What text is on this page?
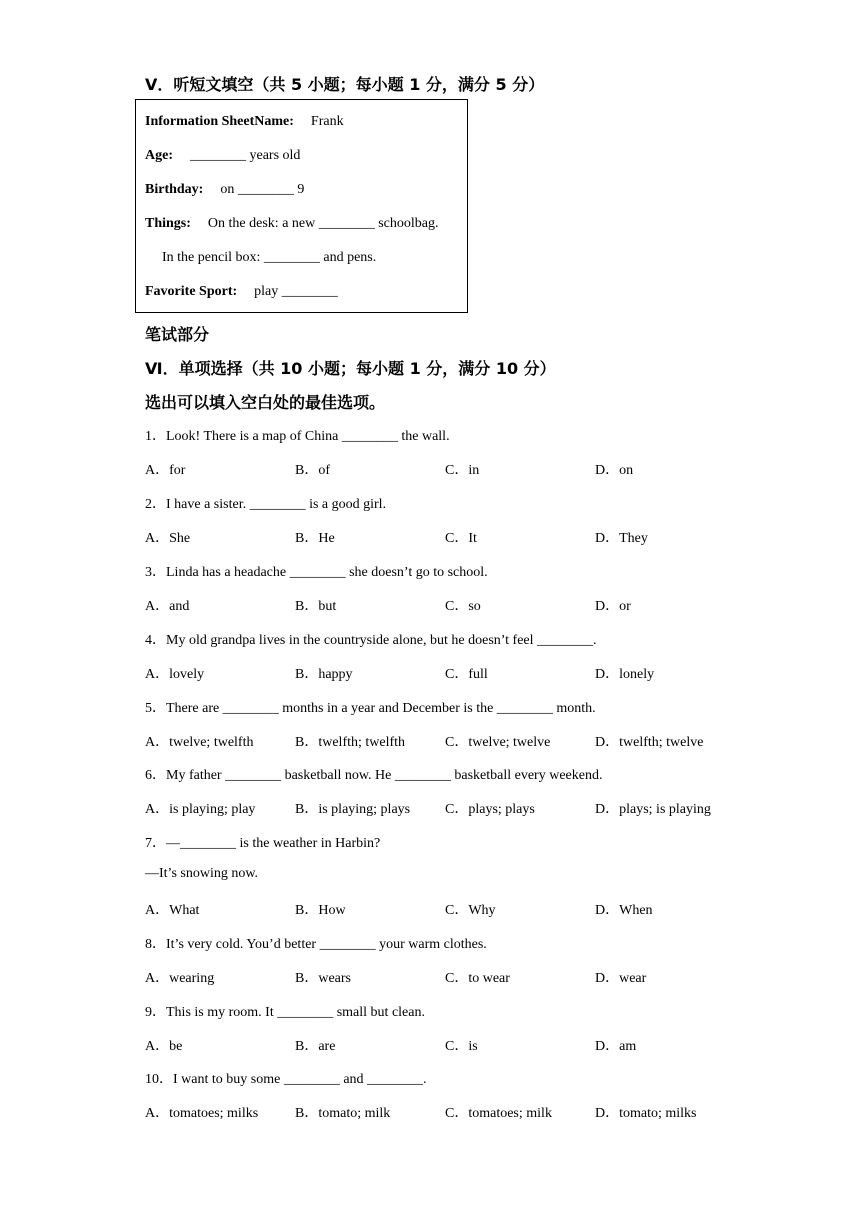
Ⅴ．听短文填空（共 5 小题；每小题 1 分，满分 5 分）
Information SheetName: Frank
Age: ________ years old
Birthday: on ________ 9
Things: On the desk: a new ________ schoolbag.
In the pencil box: ________ and pens.
Favorite Sport: play ________
笔试部分
Ⅵ．单项选择（共 10 小题；每小题 1 分，满分 10 分）
选出可以填入空白处的最佳选项。
1．Look! There is a map of China ________ the wall.
A．for	B．of	C．in	D．on
2．I have a sister. ________ is a good girl.
A．She	B．He	C．It	D．They
3．Linda has a headache ________ she doesn’t go to school.
A．and	B．but	C．so	D．or
4．My old grandpa lives in the countryside alone, but he doesn’t feel ________.
A．lovely	B．happy	C．full	D．lonely
5．There are ________ months in a year and December is the ________ month.
A．twelve; twelfth	B．twelfth; twelfth	C．twelve; twelve	D．twelfth; twelve
6．My father ________ basketball now. He ________ basketball every weekend.
A．is playing; play	B．is playing; plays C．plays; plays	D．plays; is playing
7．—________ is the weather in Harbin?
—It’s snowing now.
A．What	B．How	C．Why	D．When
8．It’s very cold. You’d better ________ your warm clothes.
A．wearing	B．wears	C．to wear	D．wear
9．This is my room. It ________ small but clean.
A．be	B．are	C．is	D．am
10．I want to buy some ________ and ________.
A．tomatoes; milks	B．tomato; milk	C．tomatoes; milk	D．tomato; milks
